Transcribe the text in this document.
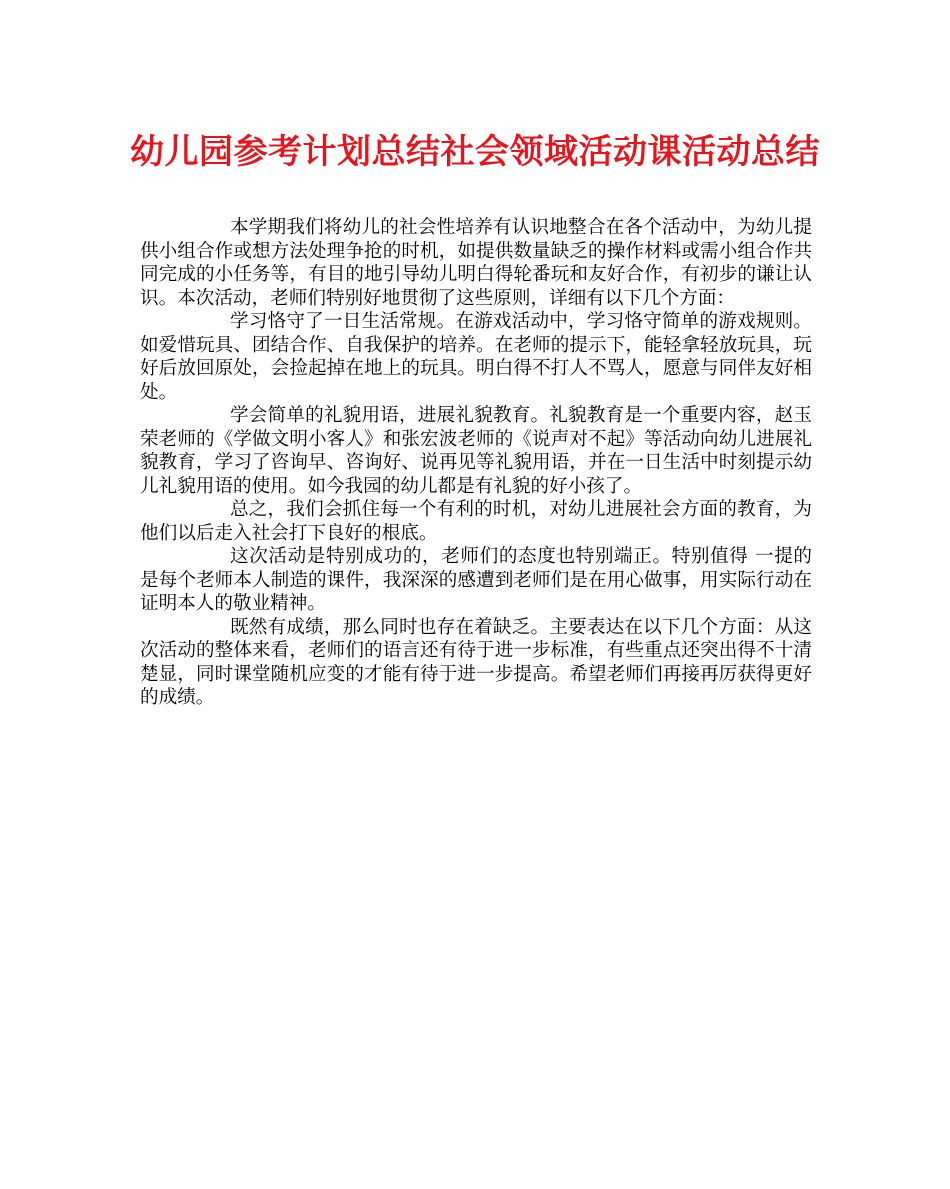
幼儿园参考计划总结社会领域活动课活动总结

本学期我们将幼儿的社会性培养有认识地整合在各个活动中，为幼儿提供小组合作或想方法处理争抢的时机，如提供数量缺乏的操作材料或需小组合作共同完成的小任务等，有目的地引导幼儿明白得轮番玩和友好合作，有初步的谦让认识。本次活动，老师们特别好地贯彻了这些原则，详细有以下几个方面：

学习恪守了一日生活常规。在游戏活动中，学习恪守简单的游戏规则。如爱惜玩具、团结合作、自我保护的培养。在老师的提示下，能轻拿轻放玩具，玩好后放回原处，会捡起掉在地上的玩具。明白得不打人不骂人，愿意与同伴友好相处。

学会简单的礼貌用语，进展礼貌教育。礼貌教育是一个重要内容，赵玉荣老师的《学做文明小客人》和张宏波老师的《说声对不起》等活动向幼儿进展礼貌教育，学习了咨询早、咨询好、说再见等礼貌用语，并在一日生活中时刻提示幼儿礼貌用语的使用。如今我园的幼儿都是有礼貌的好小孩了。

总之，我们会抓住每一个有利的时机，对幼儿进展社会方面的教育，为他们以后走入社会打下良好的根底。

这次活动是特别成功的，老师们的态度也特别端正。特别值得 一提的是每个老师本人制造的课件，我深深的感遭到老师们是在用心做事，用实际行动在证明本人的敬业精神。

既然有成绩，那么同时也存在着缺乏。主要表达在以下几个方面：从这次活动的整体来看，老师们的语言还有待于进一步标准，有些重点还突出得不十清楚显，同时课堂随机应变的才能有待于进一步提高。希望老师们再接再厉获得更好的成绩。
